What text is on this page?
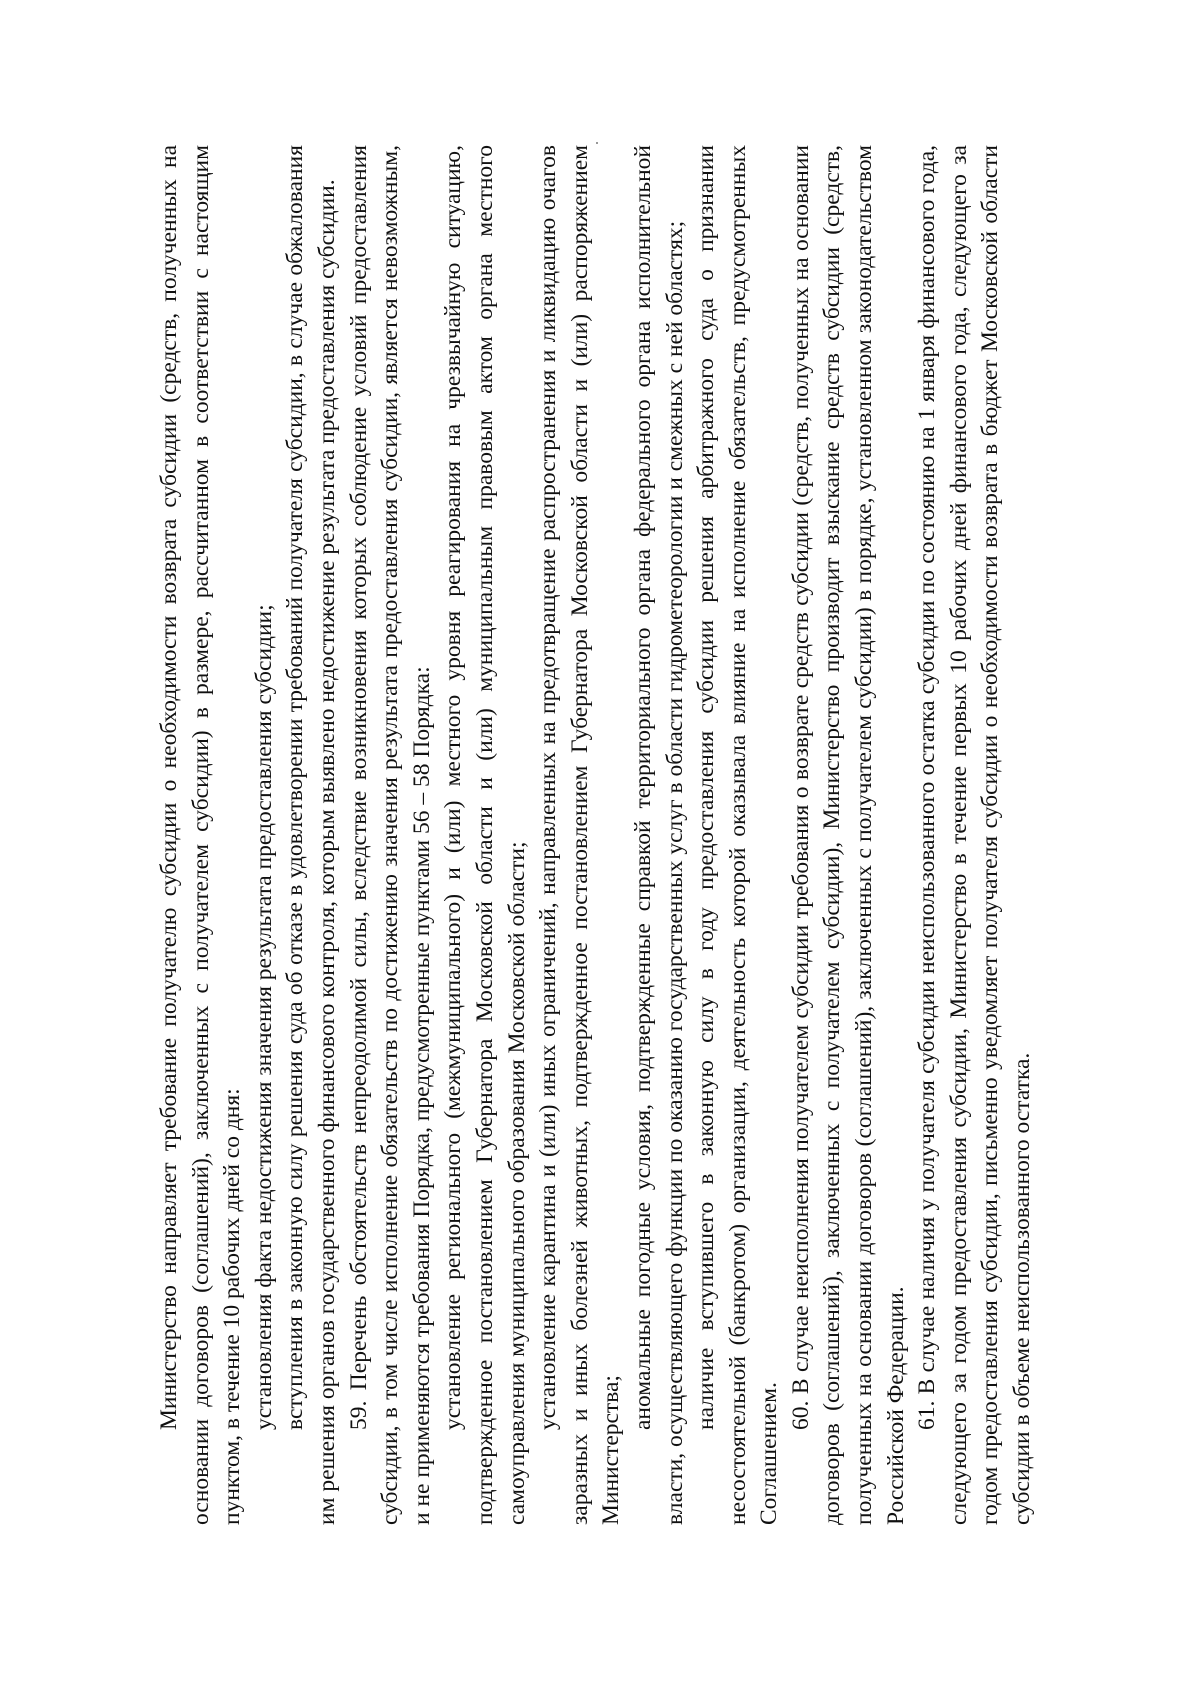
Министерство направляет требование получателю субсидии о необходимости возврата субсидии (средств, полученных на основании договоров (соглашений), заключенных с получателем субсидии) в размере, рассчитанном в соответствии с настоящим пунктом, в течение 10 рабочих дней со дня: установления факта недостижения значения результата предоставления субсидии; вступления в законную силу решения суда об отказе в удовлетворении требований получателя субсидии, в случае обжалования им решения органов государственного финансового контроля, которым выявлено недостижение результата предоставления субсидии. 59. Перечень обстоятельств непреодолимой силы, вследствие возникновения которых соблюдение условий предоставления субсидии, в том числе исполнение обязательств по достижению значения результата предоставления субсидии, является невозможным, и не применяются требования Порядка, предусмотренные пунктами 56 – 58 Порядка: установление регионального (межмуниципального) и (или) местного уровня реагирования на чрезвычайную ситуацию, подтвержденное постановлением Губернатора Московской области и (или) муниципальным правовым актом органа местного самоуправления муниципального образования Московской области; установление карантина и (или) иных ограничений, направленных на предотвращение распространения и ликвидацию очагов заразных и иных болезней животных, подтвержденное постановлением Губернатора Московской области и (или) распоряжением Министерства;

аномальные погодные условия, подтвержденные справкой территориального органа федерального органа исполнительной власти, осуществляющего функции по оказанию государственных услуг в области гидрометеорологии и смежных с ней областях; наличие вступившего в законную силу в году предоставления субсидии решения арбитражного суда о признании несостоятельной (банкротом) организации, деятельность которой оказывала влияние на исполнение обязательств, предусмотренных Соглашением.

60. В случае неисполнения получателем субсидии требования о возврате средств субсидии (средств, полученных на основании договоров (соглашений), заключенных с получателем субсидии), Министерство производит взыскание средств субсидии (средств, полученных на основании договоров (соглашений), заключенных с получателем субсидии) в порядке, установленном законодательством Российской Федерации. 61. В случае наличия у получателя субсидии неиспользованного остатка субсидии по состоянию на 1 января финансового года, следующего за годом предоставления субсидии, Министерство в течение первых 10 рабочих дней финансового года, следующего за годом предоставления субсидии, письменно уведомляет получателя субсидии о необходимости возврата в бюджет Московской области субсидии в объеме неиспользованного остатка.
